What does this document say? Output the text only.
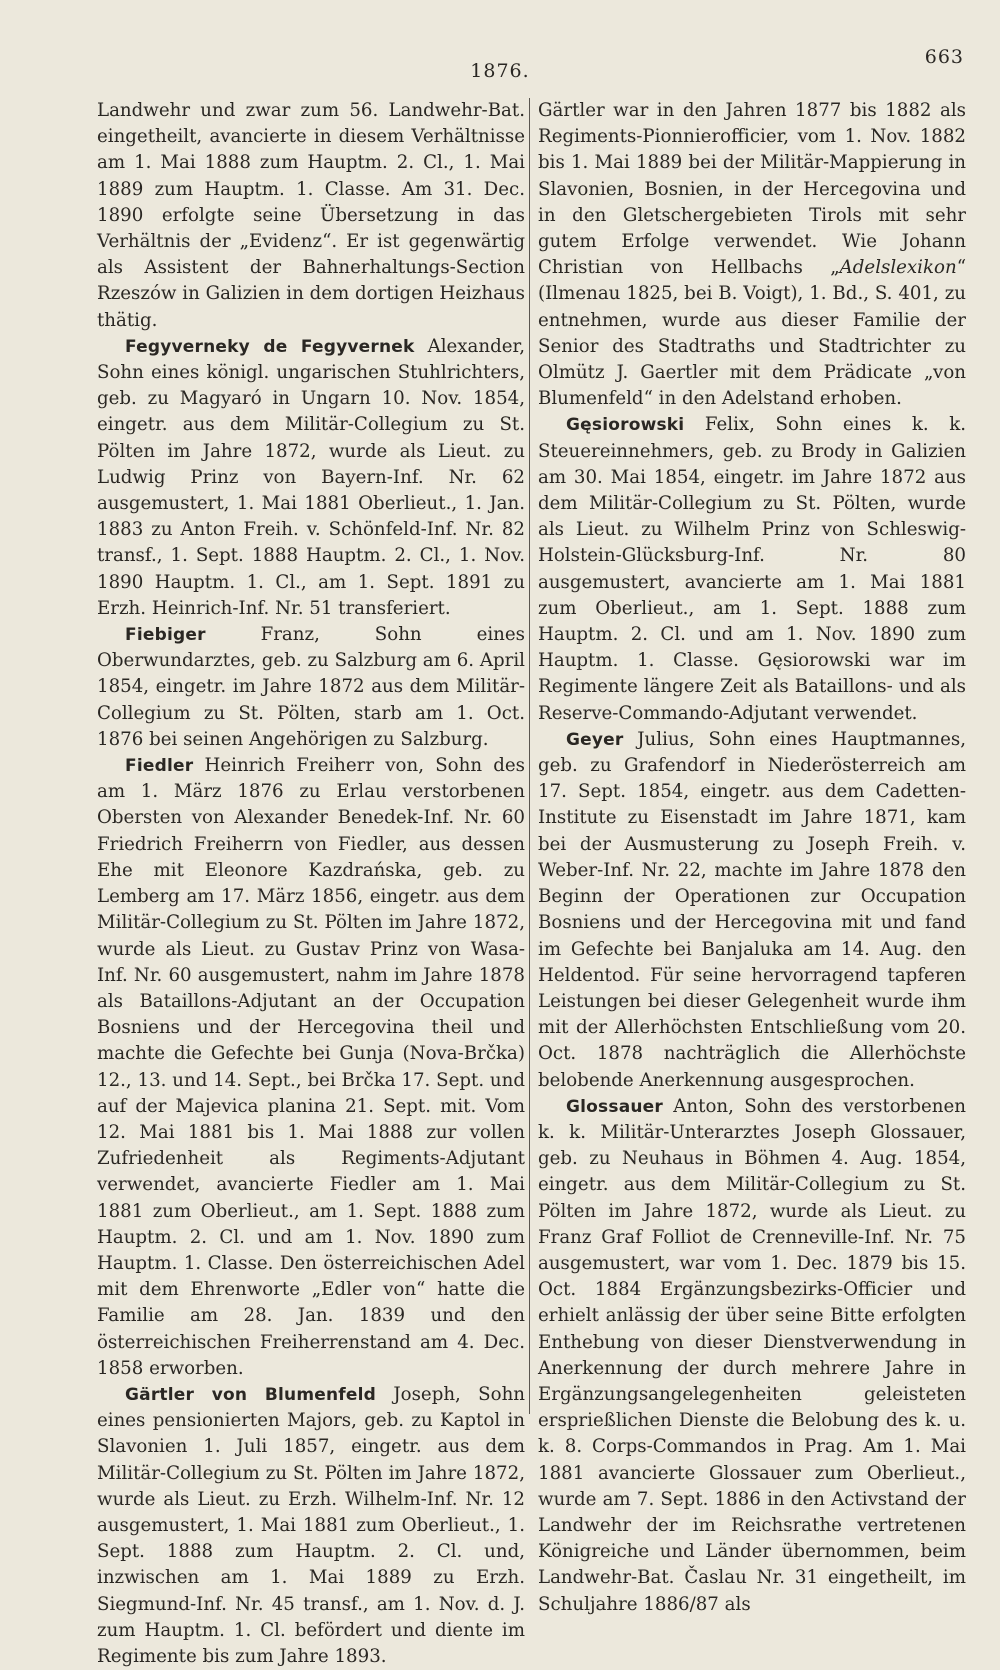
1876.
663

Landwehr und zwar zum 56. Landwehr-Bat. eingetheilt, avancierte in diesem Verhältnisse am 1. Mai 1888 zum Hauptm. 2. Cl., 1. Mai 1889 zum Hauptm. 1. Classe. Am 31. Dec. 1890 erfolgte seine Übersetzung in das Verhältnis der „Evidenz“. Er ist gegenwärtig als Assistent der Bahnerhaltungs-Section Rzeszów in Galizien in dem dortigen Heizhaus thätig.

Fegyverneky de Fegyvernek Alexander, Sohn eines königl. ungarischen Stuhlrichters, geb. zu Magyaró in Ungarn 10. Nov. 1854, eingetr. aus dem Militär-Collegium zu St. Pölten im Jahre 1872, wurde als Lieut. zu Ludwig Prinz von Bayern-Inf. Nr. 62 ausgemustert, 1. Mai 1881 Oberlieut., 1. Jan. 1883 zu Anton Freih. v. Schönfeld-Inf. Nr. 82 transf., 1. Sept. 1888 Hauptm. 2. Cl., 1. Nov. 1890 Hauptm. 1. Cl., am 1. Sept. 1891 zu Erzh. Heinrich-Inf. Nr. 51 transferiert.

Fiebiger Franz, Sohn eines Oberwundarztes, geb. zu Salzburg am 6. April 1854, eingetr. im Jahre 1872 aus dem Militär-Collegium zu St. Pölten, starb am 1. Oct. 1876 bei seinen Angehörigen zu Salzburg.

Fiedler Heinrich Freiherr von, Sohn des am 1. März 1876 zu Erlau verstorbenen Obersten von Alexander Benedek-Inf. Nr. 60 Friedrich Freiherrn von Fiedler, aus dessen Ehe mit Eleonore Kazdrańska, geb. zu Lemberg am 17. März 1856, eingetr. aus dem Militär-Collegium zu St. Pölten im Jahre 1872, wurde als Lieut. zu Gustav Prinz von Wasa-Inf. Nr. 60 ausgemustert, nahm im Jahre 1878 als Bataillons-Adjutant an der Occupation Bosniens und der Hercegovina theil und machte die Gefechte bei Gunja (Nova-Brčka) 12., 13. und 14. Sept., bei Brčka 17. Sept. und auf der Majevica planina 21. Sept. mit. Vom 12. Mai 1881 bis 1. Mai 1888 zur vollen Zufriedenheit als Regiments-Adjutant verwendet, avancierte Fiedler am 1. Mai 1881 zum Oberlieut., am 1. Sept. 1888 zum Hauptm. 2. Cl. und am 1. Nov. 1890 zum Hauptm. 1. Classe. Den österreichischen Adel mit dem Ehrenworte „Edler von“ hatte die Familie am 28. Jan. 1839 und den österreichischen Freiherrenstand am 4. Dec. 1858 erworben.

Gärtler von Blumenfeld Joseph, Sohn eines pensionierten Majors, geb. zu Kaptol in Slavonien 1. Juli 1857, eingetr. aus dem Militär-Collegium zu St. Pölten im Jahre 1872, wurde als Lieut. zu Erzh. Wilhelm-Inf. Nr. 12 ausgemustert, 1. Mai 1881 zum Oberlieut., 1. Sept. 1888 zum Hauptm. 2. Cl. und, inzwischen am 1. Mai 1889 zu Erzh. Siegmund-Inf. Nr. 45 transf., am 1. Nov. d. J. zum Hauptm. 1. Cl. befördert und diente im Regimente bis zum Jahre 1893.

Gärtler war in den Jahren 1877 bis 1882 als Regiments-Pionnierofficier, vom 1. Nov. 1882 bis 1. Mai 1889 bei der Militär-Mappierung in Slavonien, Bosnien, in der Hercegovina und in den Gletschergebieten Tirols mit sehr gutem Erfolge verwendet. Wie Johann Christian von Hellbachs „Adelslexikon“ (Ilmenau 1825, bei B. Voigt), 1. Bd., S. 401, zu entnehmen, wurde aus dieser Familie der Senior des Stadtraths und Stadtrichter zu Olmütz J. Gaertler mit dem Prädicate „von Blumenfeld“ in den Adelstand erhoben.

Gęsiorowski Felix, Sohn eines k. k. Steuereinnehmers, geb. zu Brody in Galizien am 30. Mai 1854, eingetr. im Jahre 1872 aus dem Militär-Collegium zu St. Pölten, wurde als Lieut. zu Wilhelm Prinz von Schleswig-Holstein-Glücksburg-Inf. Nr. 80 ausgemustert, avancierte am 1. Mai 1881 zum Oberlieut., am 1. Sept. 1888 zum Hauptm. 2. Cl. und am 1. Nov. 1890 zum Hauptm. 1. Classe. Gęsiorowski war im Regimente längere Zeit als Bataillons- und als Reserve-Commando-Adjutant verwendet.

Geyer Julius, Sohn eines Hauptmannes, geb. zu Grafendorf in Niederösterreich am 17. Sept. 1854, eingetr. aus dem Cadetten-Institute zu Eisenstadt im Jahre 1871, kam bei der Ausmusterung zu Joseph Freih. v. Weber-Inf. Nr. 22, machte im Jahre 1878 den Beginn der Operationen zur Occupation Bosniens und der Hercegovina mit und fand im Gefechte bei Banjaluka am 14. Aug. den Heldentod. Für seine hervorragend tapferen Leistungen bei dieser Gelegenheit wurde ihm mit der Allerhöchsten Entschließung vom 20. Oct. 1878 nachträglich die Allerhöchste belobende Anerkennung ausgesprochen.

Glossauer Anton, Sohn des verstorbenen k. k. Militär-Unterarztes Joseph Glossauer, geb. zu Neuhaus in Böhmen 4. Aug. 1854, eingetr. aus dem Militär-Collegium zu St. Pölten im Jahre 1872, wurde als Lieut. zu Franz Graf Folliot de Crenneville-Inf. Nr. 75 ausgemustert, war vom 1. Dec. 1879 bis 15. Oct. 1884 Ergänzungsbezirks-Officier und erhielt anlässig der über seine Bitte erfolgten Enthebung von dieser Dienstverwendung in Anerkennung der durch mehrere Jahre in Ergänzungsangelegenheiten geleisteten ersprießlichen Dienste die Belobung des k. u. k. 8. Corps-Commandos in Prag. Am 1. Mai 1881 avancierte Glossauer zum Oberlieut., wurde am 7. Sept. 1886 in den Activstand der Landwehr der im Reichsrathe vertretenen Königreiche und Länder übernommen, beim Landwehr-Bat. Časlau Nr. 31 eingetheilt, im Schuljahre 1886/87 als
